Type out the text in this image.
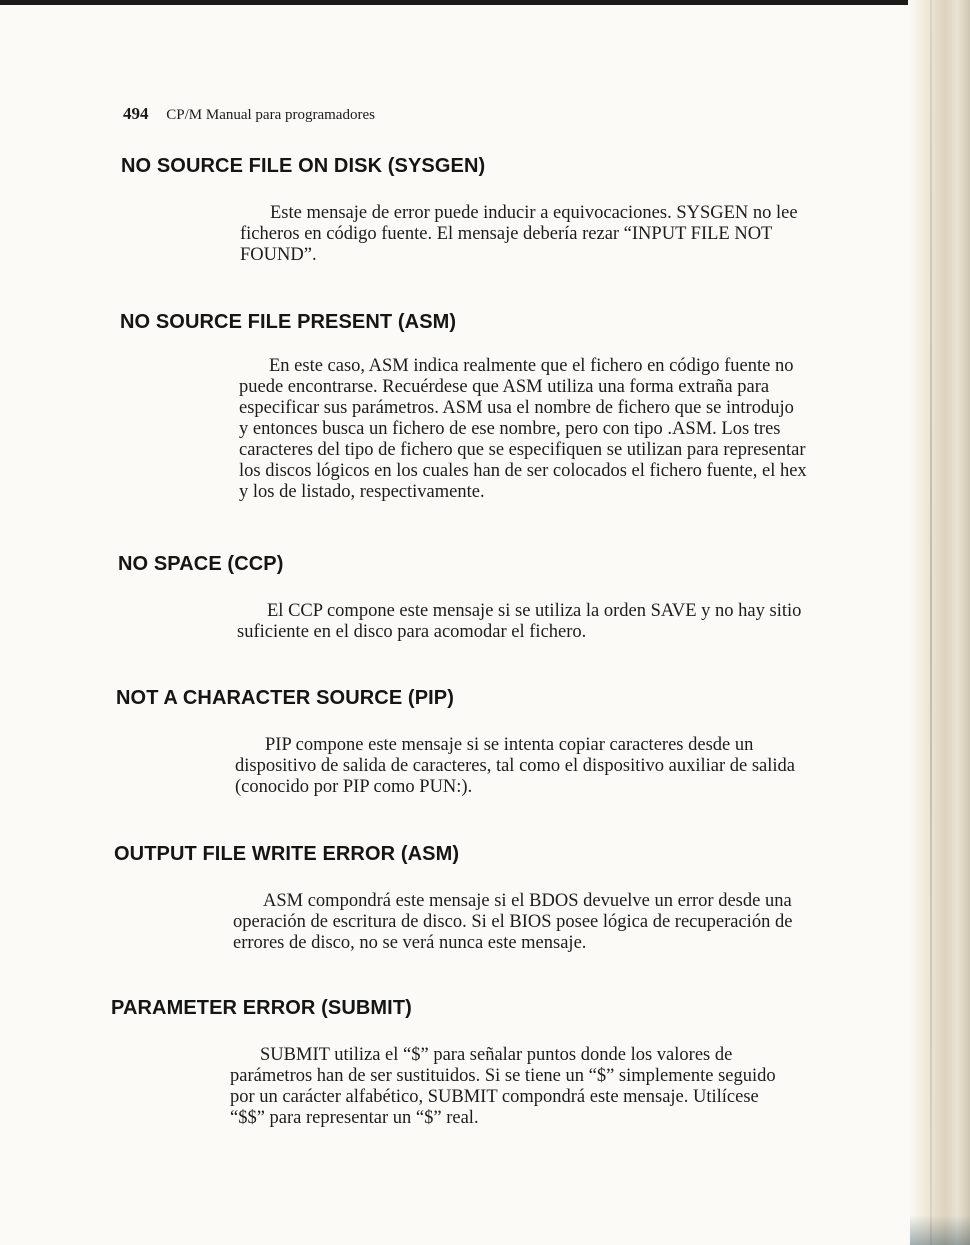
494 CP/M Manual para programadores
NO SOURCE FILE ON DISK (SYSGEN)
Este mensaje de error puede inducir a equivocaciones. SYSGEN no lee
ficheros en código fuente. El mensaje debería rezar “INPUT FILE NOT
FOUND”.
NO SOURCE FILE PRESENT (ASM)
En este caso, ASM indica realmente que el fichero en código fuente no
puede encontrarse. Recuérdese que ASM utiliza una forma extraña para
especificar sus parámetros. ASM usa el nombre de fichero que se introdujo
y entonces busca un fichero de ese nombre, pero con tipo .ASM. Los tres
caracteres del tipo de fichero que se especifiquen se utilizan para representar
los discos lógicos en los cuales han de ser colocados el fichero fuente, el hex
y los de listado, respectivamente.
NO SPACE (CCP)
El CCP compone este mensaje si se utiliza la orden SAVE y no hay sitio
suficiente en el disco para acomodar el fichero.
NOT A CHARACTER SOURCE (PIP)
PIP compone este mensaje si se intenta copiar caracteres desde un
dispositivo de salida de caracteres, tal como el dispositivo auxiliar de salida
(conocido por PIP como PUN:).
OUTPUT FILE WRITE ERROR (ASM)
ASM compondrá este mensaje si el BDOS devuelve un error desde una
operación de escritura de disco. Si el BIOS posee lógica de recuperación de
errores de disco, no se verá nunca este mensaje.
PARAMETER ERROR (SUBMIT)
SUBMIT utiliza el “$” para señalar puntos donde los valores de
parámetros han de ser sustituidos. Si se tiene un “$” simplemente seguido
por un carácter alfabético, SUBMIT compondrá este mensaje. Utilícese
“$$” para representar un “$” real.
